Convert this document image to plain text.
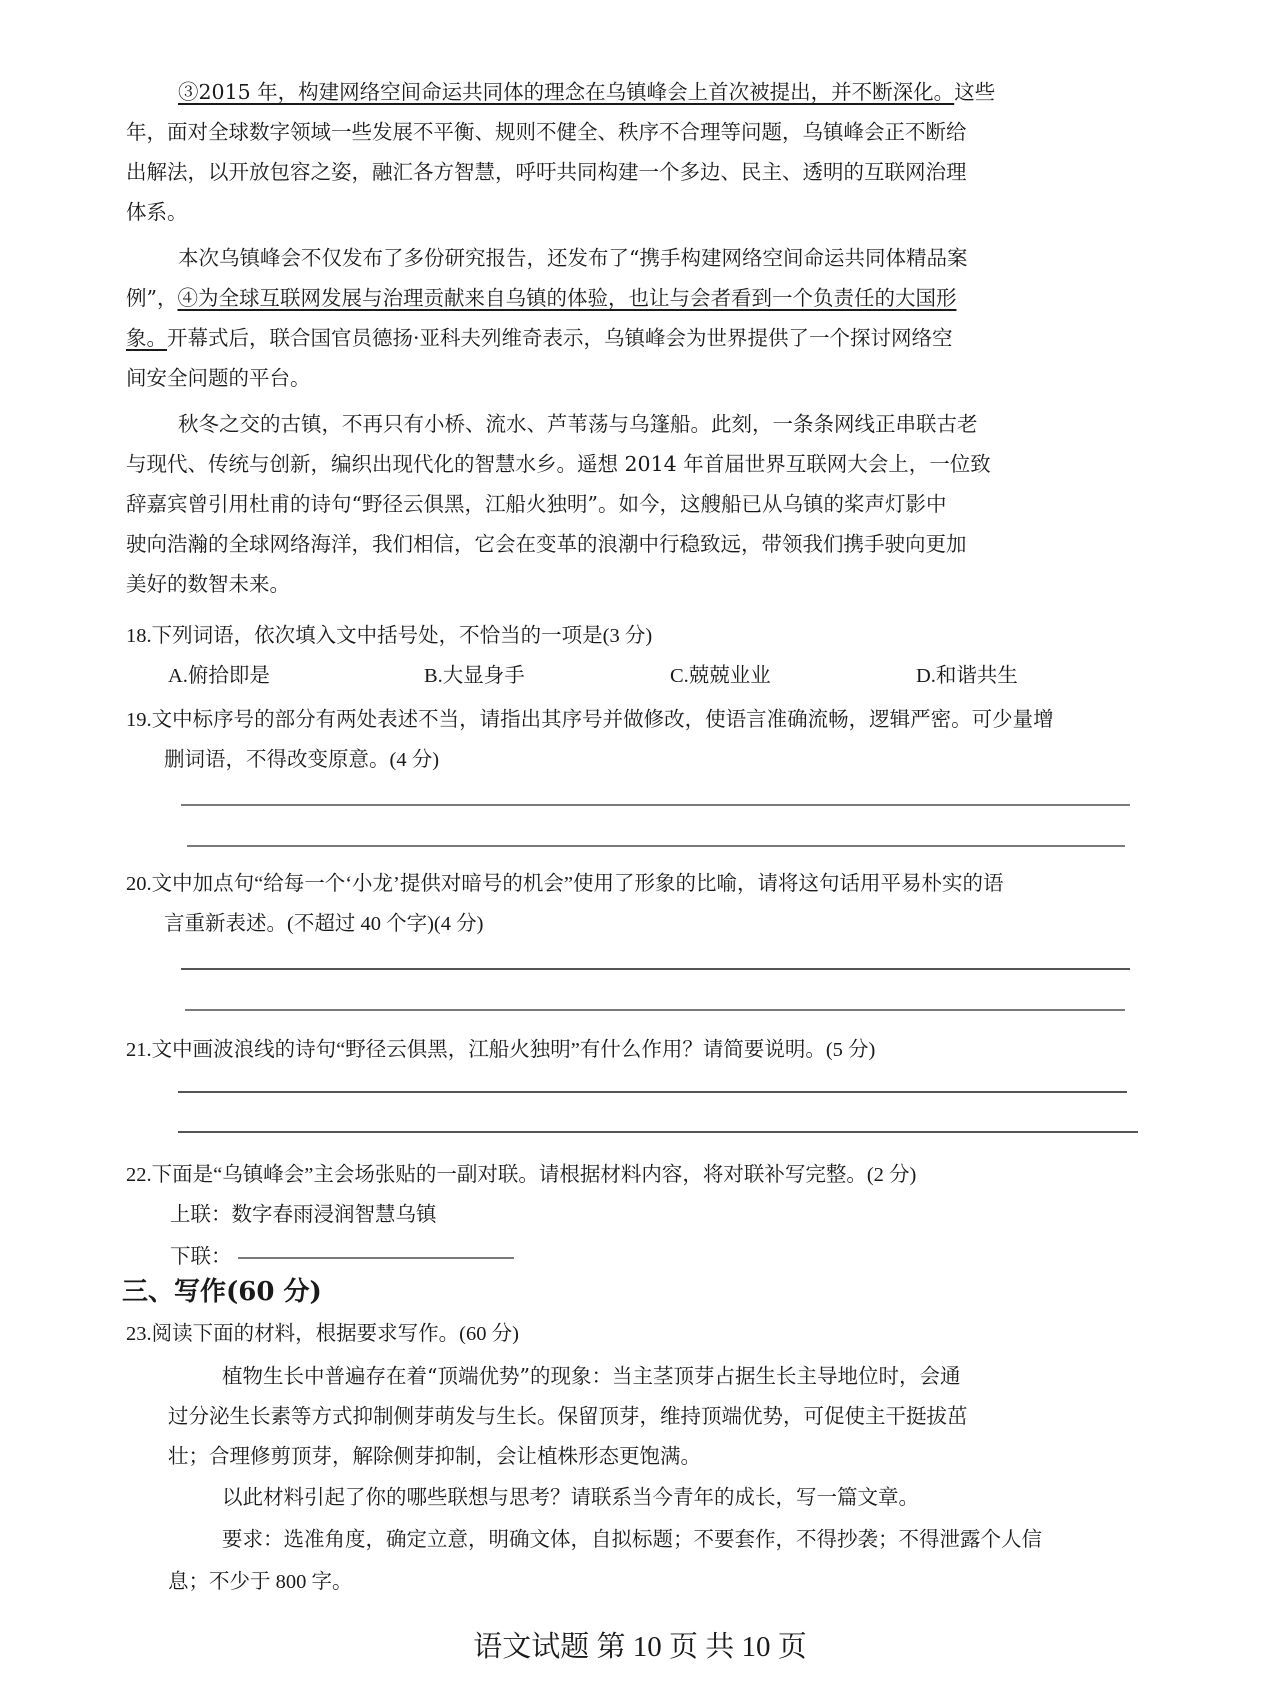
③2015 年，构建网络空间命运共同体的理念在乌镇峰会上首次被提出，并不断深化。这些
年，面对全球数字领域一些发展不平衡、规则不健全、秩序不合理等问题，乌镇峰会正不断给
出解法，以开放包容之姿，融汇各方智慧，呼吁共同构建一个多边、民主、透明的互联网治理
体系。
本次乌镇峰会不仅发布了多份研究报告，还发布了“携手构建网络空间命运共同体精品案
例”，④为全球互联网发展与治理贡献来自乌镇的体验，也让与会者看到一个负责任的大国形
象。开幕式后，联合国官员德扬·亚科夫列维奇表示，乌镇峰会为世界提供了一个探讨网络空
间安全问题的平台。
秋冬之交的古镇，不再只有小桥、流水、芦苇荡与乌篷船。此刻，一条条网线正串联古老
与现代、传统与创新，编织出现代化的智慧水乡。遥想 2014 年首届世界互联网大会上，一位致
辞嘉宾曾引用杜甫的诗句“野径云俱黑，江船火独明”。如今，这艘船已从乌镇的桨声灯影中
驶向浩瀚的全球网络海洋，我们相信，它会在变革的浪潮中行稳致远，带领我们携手驶向更加
美好的数智未来。
18.下列词语，依次填入文中括号处，不恰当的一项是(3 分)
A.俯拾即是	B.大显身手	C.兢兢业业	D.和谐共生
19.文中标序号的部分有两处表述不当，请指出其序号并做修改，使语言准确流畅，逻辑严密。可少量增
删词语，不得改变原意。(4 分)
20.文中加点句“给每一个‘小龙’提供对暗号的机会”使用了形象的比喻，请将这句话用平易朴实的语
言重新表述。(不超过 40 个字)(4 分)
21.文中画波浪线的诗句“野径云俱黑，江船火独明”有什么作用？请简要说明。(5 分)
22.下面是“乌镇峰会”主会场张贴的一副对联。请根据材料内容，将对联补写完整。(2 分)
上联：数字春雨浸润智慧乌镇
下联：
三、写作(60 分)
23.阅读下面的材料，根据要求写作。(60 分)
植物生长中普遍存在着“顶端优势”的现象：当主茎顶芽占据生长主导地位时，会通
过分泌生长素等方式抑制侧芽萌发与生长。保留顶芽，维持顶端优势，可促使主干挺拔茁
壮；合理修剪顶芽，解除侧芽抑制，会让植株形态更饱满。
以此材料引起了你的哪些联想与思考？请联系当今青年的成长，写一篇文章。
要求：选准角度，确定立意，明确文体，自拟标题；不要套作，不得抄袭；不得泄露个人信
息；不少于 800 字。
语文试题 第 10 页 共 10 页
